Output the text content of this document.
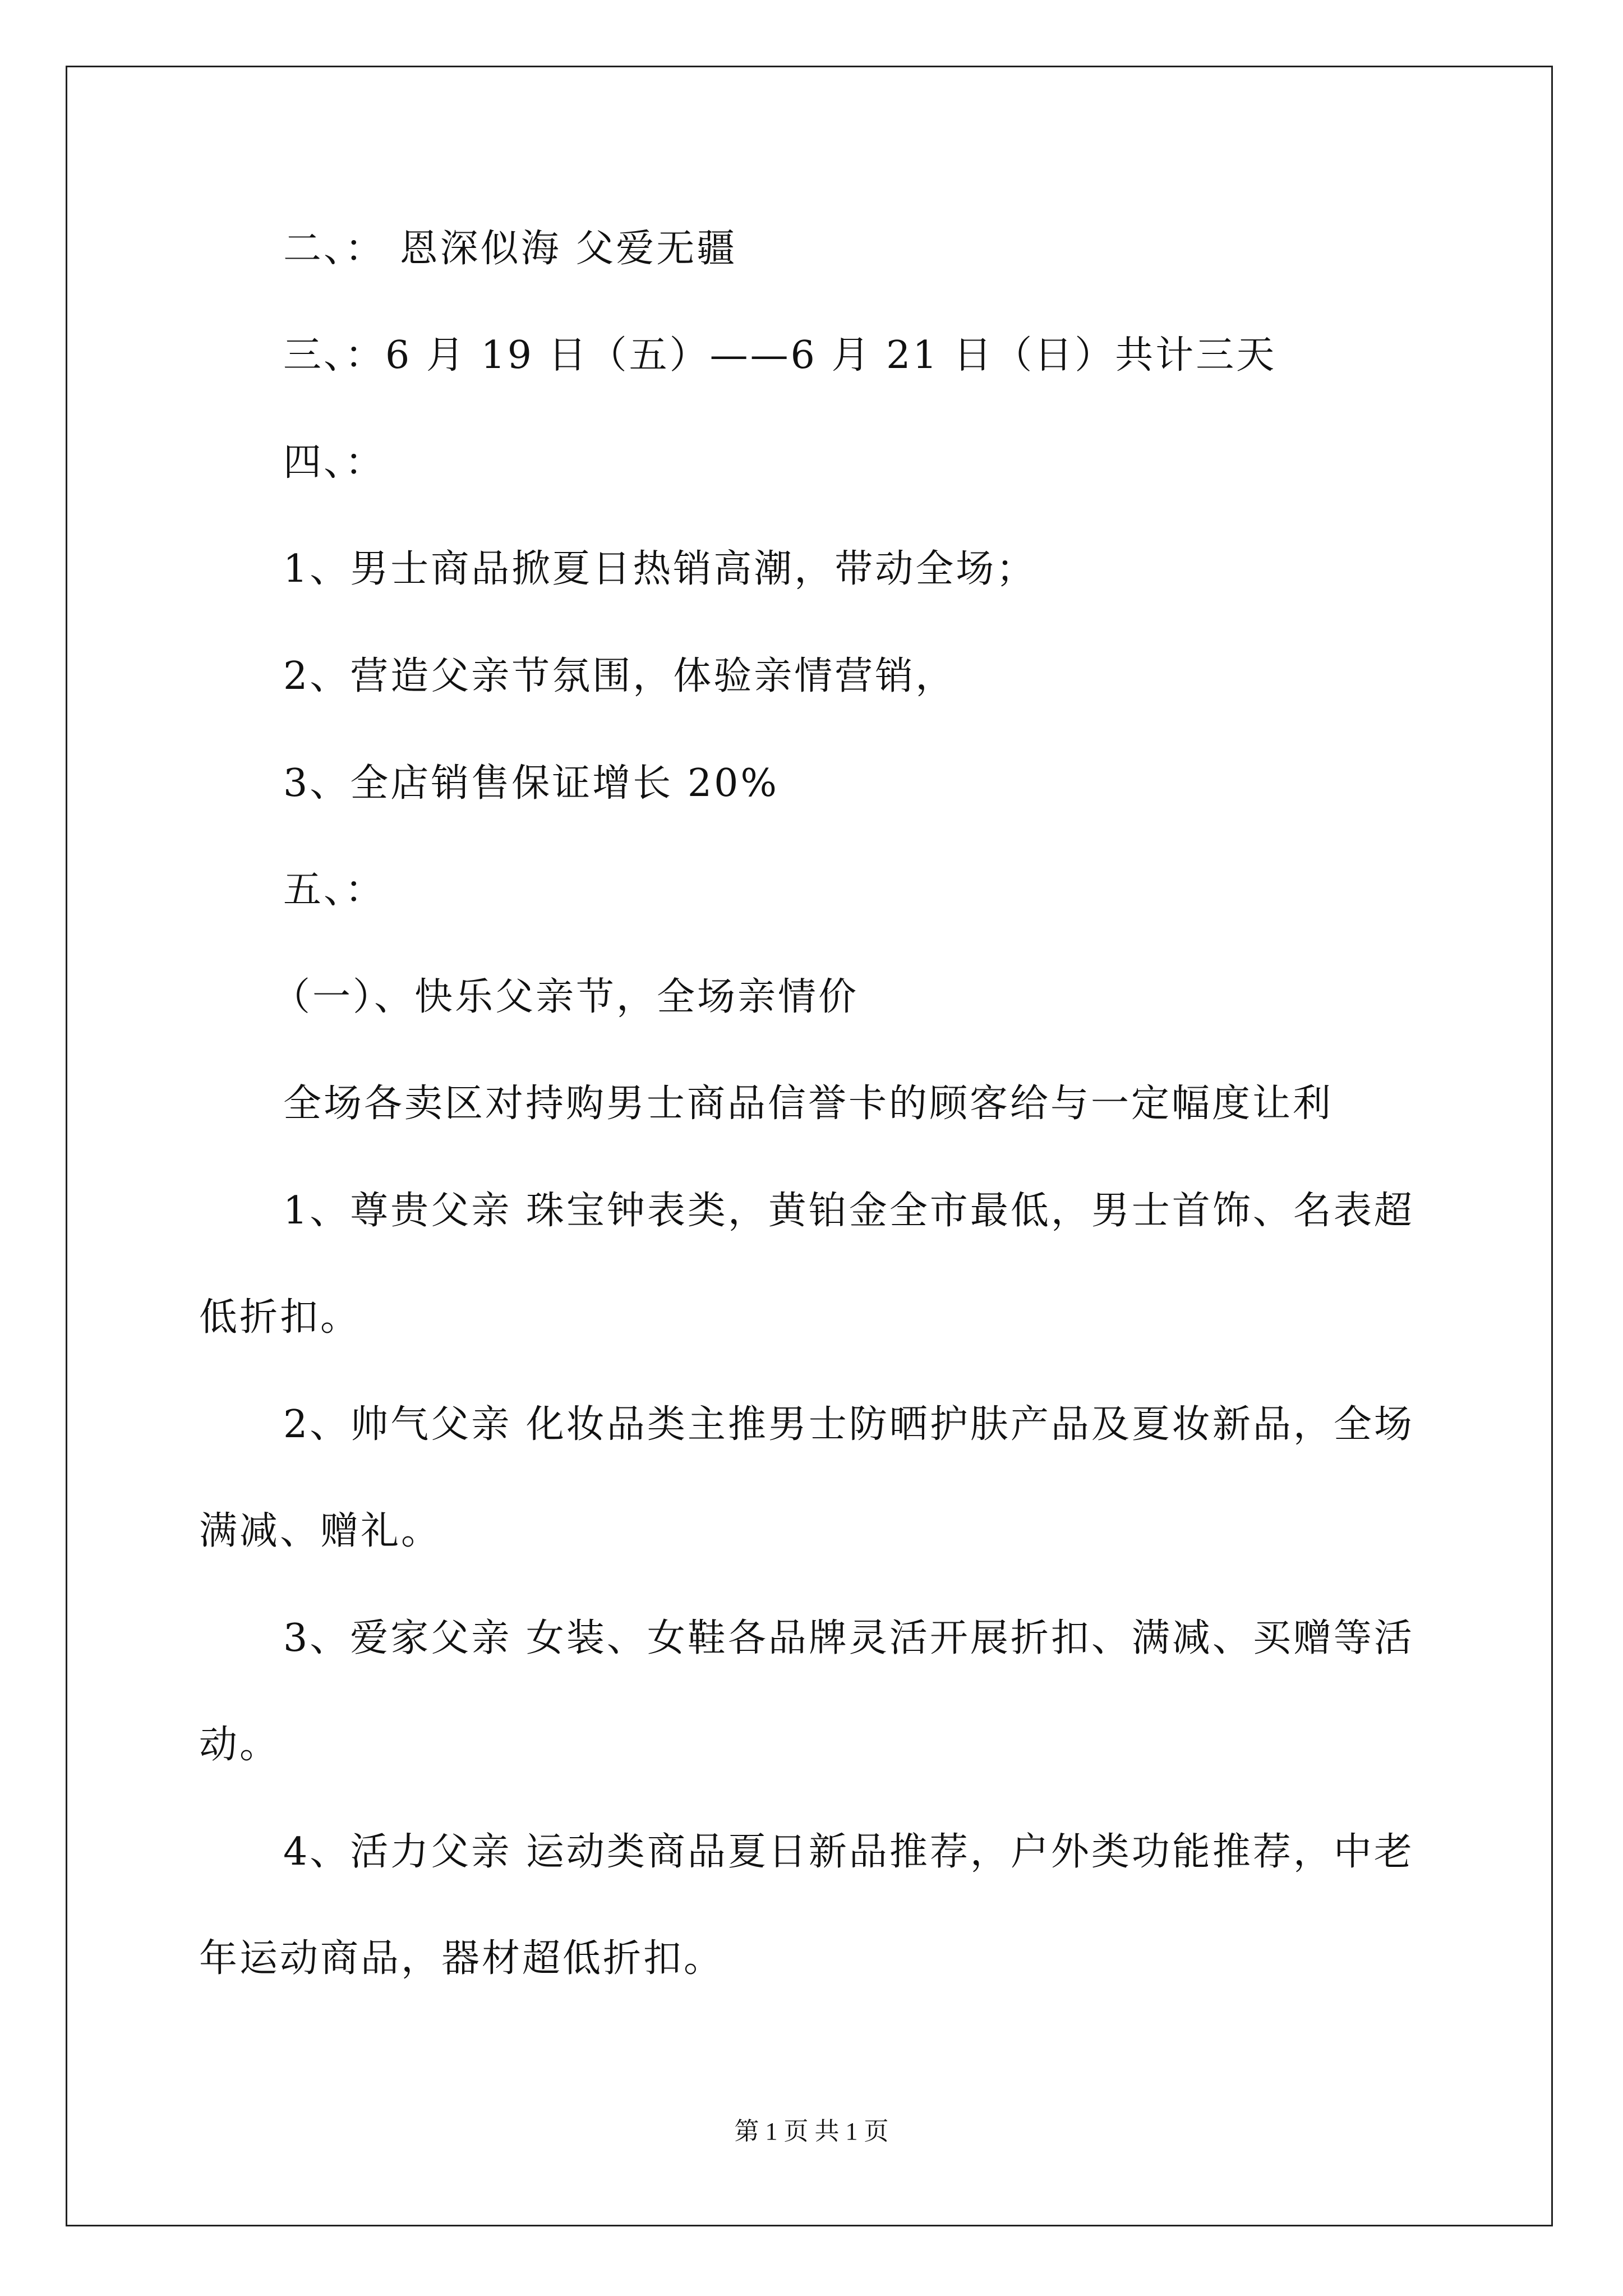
二、： 恩深似海 父爱无疆
三、：6 月 19 日（五）——6 月 21 日（日）共计三天
四、：
1、男士商品掀夏日热销高潮，带动全场；
2、营造父亲节氛围，体验亲情营销，
3、全店销售保证增长 20%
五、：
（一）、快乐父亲节，全场亲情价
全场各卖区对持购男士商品信誉卡的顾客给与一定幅度让利
1、尊贵父亲 珠宝钟表类，黄铂金全市最低，男士首饰、名表超
低折扣。
2、帅气父亲 化妆品类主推男士防晒护肤产品及夏妆新品，全场
满减、赠礼。
3、爱家父亲 女装、女鞋各品牌灵活开展折扣、满减、买赠等活
动。
4、活力父亲 运动类商品夏日新品推荐，户外类功能推荐，中老
年运动商品，器材超低折扣。
第 1 页 共 1 页
